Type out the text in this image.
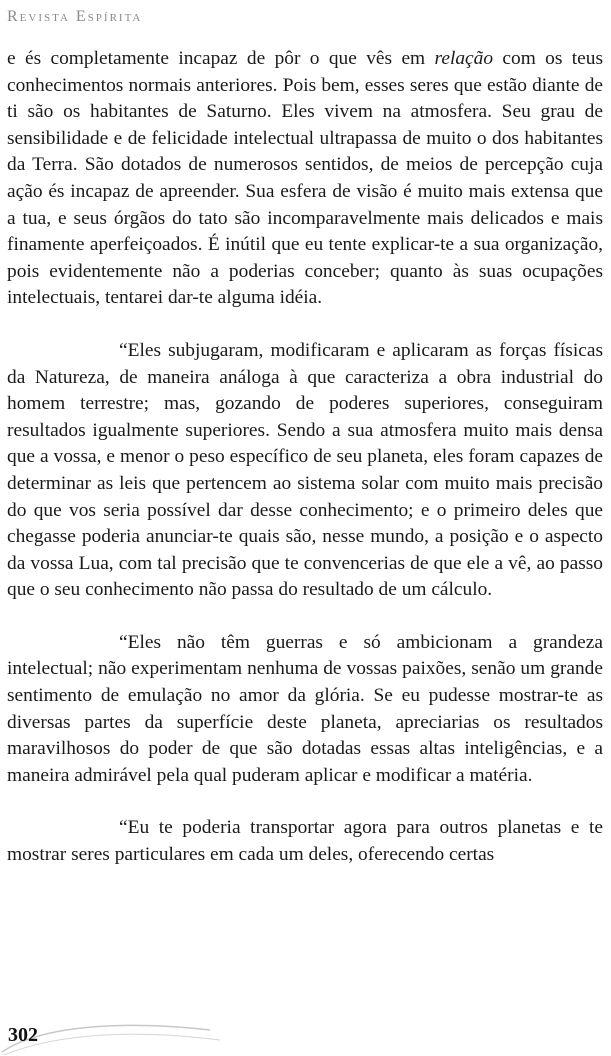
Revista Espírita

e és completamente incapaz de pôr o que vês em relação com os teus conhecimentos normais anteriores. Pois bem, esses seres que estão diante de ti são os habitantes de Saturno. Eles vivem na atmosfera. Seu grau de sensibilidade e de felicidade intelectual ultrapassa de muito o dos habitantes da Terra. São dotados de numerosos sentidos, de meios de percepção cuja ação és incapaz de apreender. Sua esfera de visão é muito mais extensa que a tua, e seus órgãos do tato são incomparavelmente mais delicados e mais finamente aperfeiçoados. É inútil que eu tente explicar-te a sua organização, pois evidentemente não a poderias conceber; quanto às suas ocupações intelectuais, tentarei dar-te alguma idéia.

“Eles subjugaram, modificaram e aplicaram as forças físicas da Natureza, de maneira análoga à que caracteriza a obra industrial do homem terrestre; mas, gozando de poderes superiores, conseguiram resultados igualmente superiores. Sendo a sua atmosfera muito mais densa que a vossa, e menor o peso específico de seu planeta, eles foram capazes de determinar as leis que pertencem ao sistema solar com muito mais precisão do que vos seria possível dar desse conhecimento; e o primeiro deles que chegasse poderia anunciar-te quais são, nesse mundo, a posição e o aspecto da vossa Lua, com tal precisão que te convencerias de que ele a vê, ao passo que o seu conhecimento não passa do resultado de um cálculo.

“Eles não têm guerras e só ambicionam a grandeza intelectual; não experimentam nenhuma de vossas paixões, senão um grande sentimento de emulação no amor da glória. Se eu pudesse mostrar-te as diversas partes da superfície deste planeta, apreciarias os resultados maravilhosos do poder de que são dotadas essas altas inteligências, e a maneira admirável pela qual puderam aplicar e modificar a matéria.

“Eu te poderia transportar agora para outros planetas e te mostrar seres particulares em cada um deles, oferecendo certas

302
